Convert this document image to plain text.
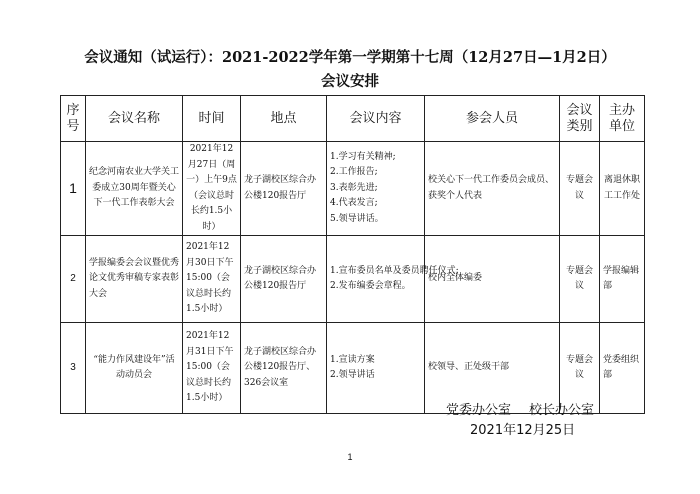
会议通知（试运行）：2021-2022学年第一学期第十七周（12月27日—1月2日）
会议安排
序号	会议名称	时间	地点	会议内容	参会人员	会议类别	主办单位
1	纪念河南农业大学关工委成立30周年暨关心下一代工作表彰大会	2021年12月27日（周一）上午9点（会议总时长约1.5小时）	龙子湖校区综合办公楼120报告厅	1.学习有关精神;
2.工作报告;
3.表彰先进;
4.代表发言;
5.领导讲话。	校关心下一代工作委员会成员、获奖个人代表	专题会议	离退休职工工作处
2	学报编委会会议暨优秀论文优秀审稿专家表彰大会	2021年12月30日下午15:00（会议总时长约1.5小时）	龙子湖校区综合办公楼120报告厅	1.宣布委员名单及委员聘任仪式;
2.发布编委会章程。	校内全体编委	专题会议	学报编辑部
3	“能力作风建设年”活动动员会	2021年12月31日下午15:00（会议总时长约1.5小时）	龙子湖校区综合办公楼120报告厅、326会议室	1.宣读方案
2.领导讲话	校领导、正处级干部	专题会议	党委组织部
党委办公室 校长办公室
2021年12月25日
1
